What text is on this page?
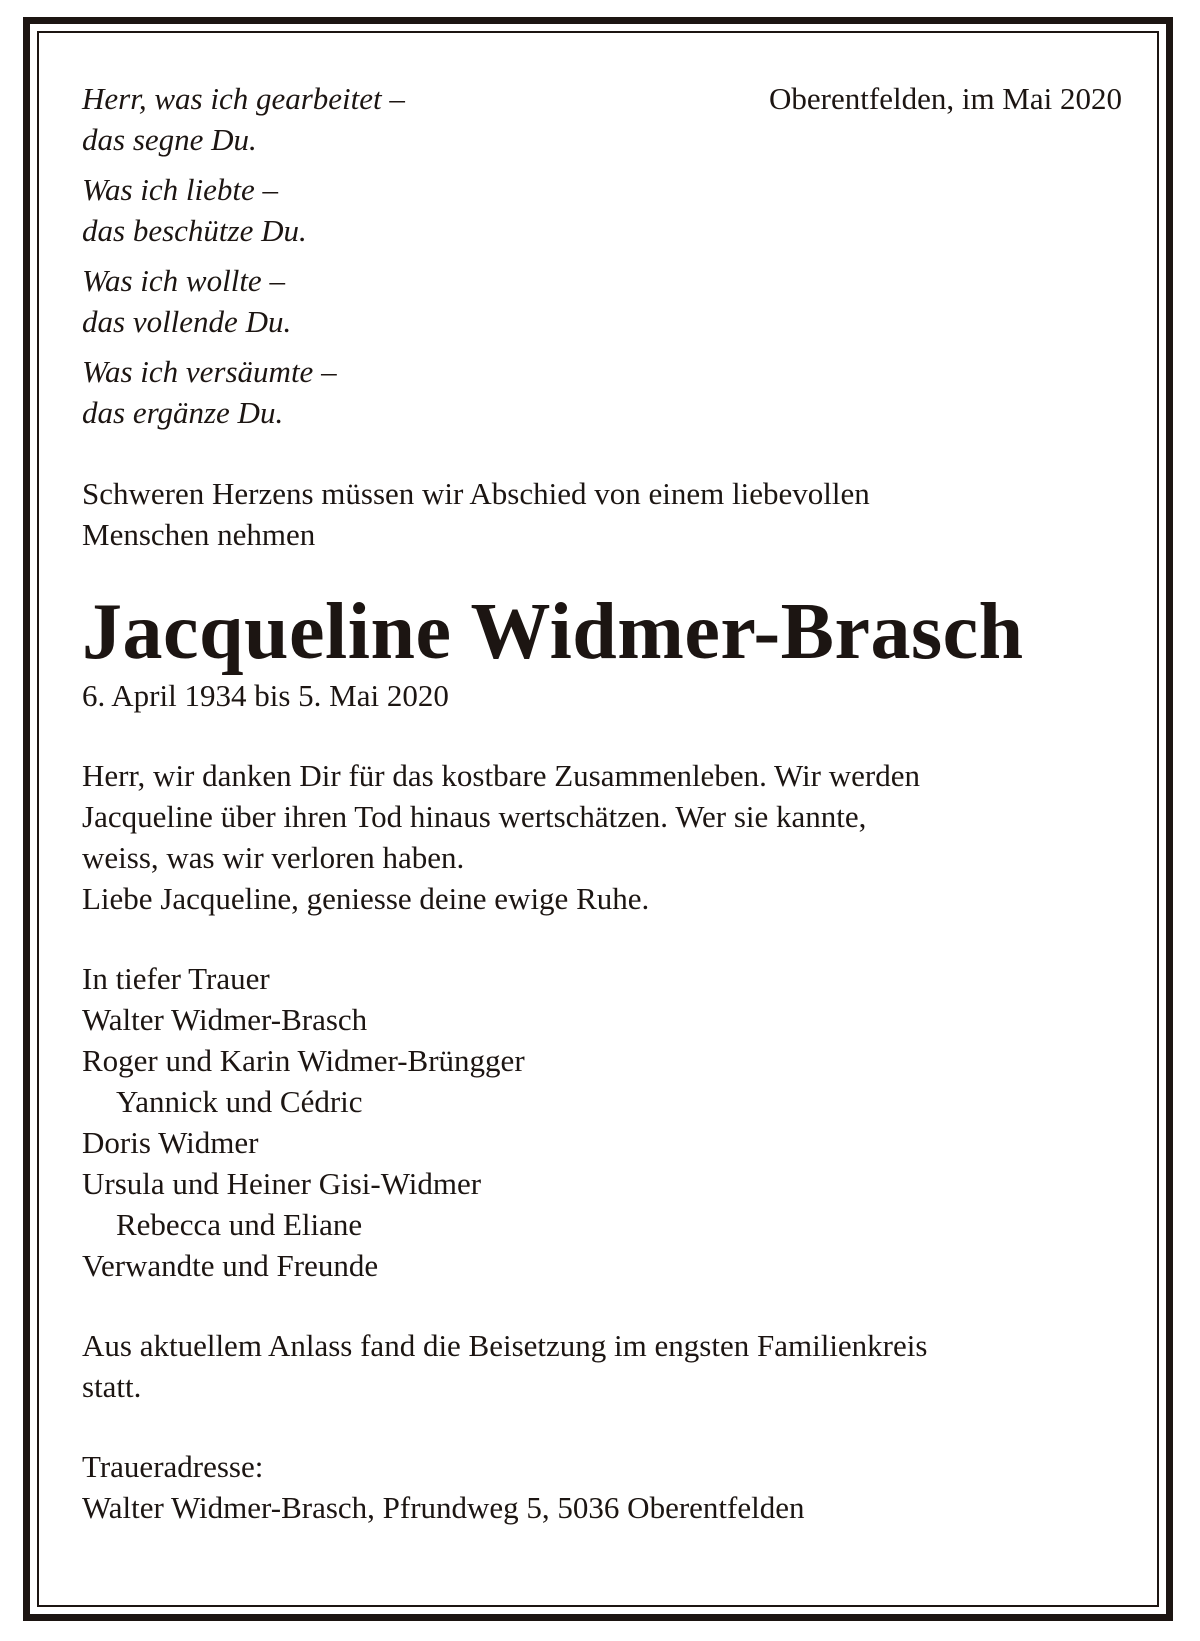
Oberentfelden, im Mai 2020

Herr, was ich gearbeitet –
das segne Du.

Was ich liebte –
das beschütze Du.

Was ich wollte –
das vollende Du.

Was ich versäumte –
das ergänze Du.

Schweren Herzens müssen wir Abschied von einem liebevollen
Menschen nehmen

Jacqueline Widmer-Brasch

6. April 1934 bis 5. Mai 2020

Herr, wir danken Dir für das kostbare Zusammenleben. Wir werden
Jacqueline über ihren Tod hinaus wertschätzen. Wer sie kannte,
weiss, was wir verloren haben.
Liebe Jacqueline, geniesse deine ewige Ruhe.

In tiefer Trauer
Walter Widmer-Brasch
Roger und Karin Widmer-Brüngger
Yannick und Cédric
Doris Widmer
Ursula und Heiner Gisi-Widmer
Rebecca und Eliane
Verwandte und Freunde

Aus aktuellem Anlass fand die Beisetzung im engsten Familienkreis
statt.

Traueradresse:
Walter Widmer-Brasch, Pfrundweg 5, 5036 Oberentfelden
